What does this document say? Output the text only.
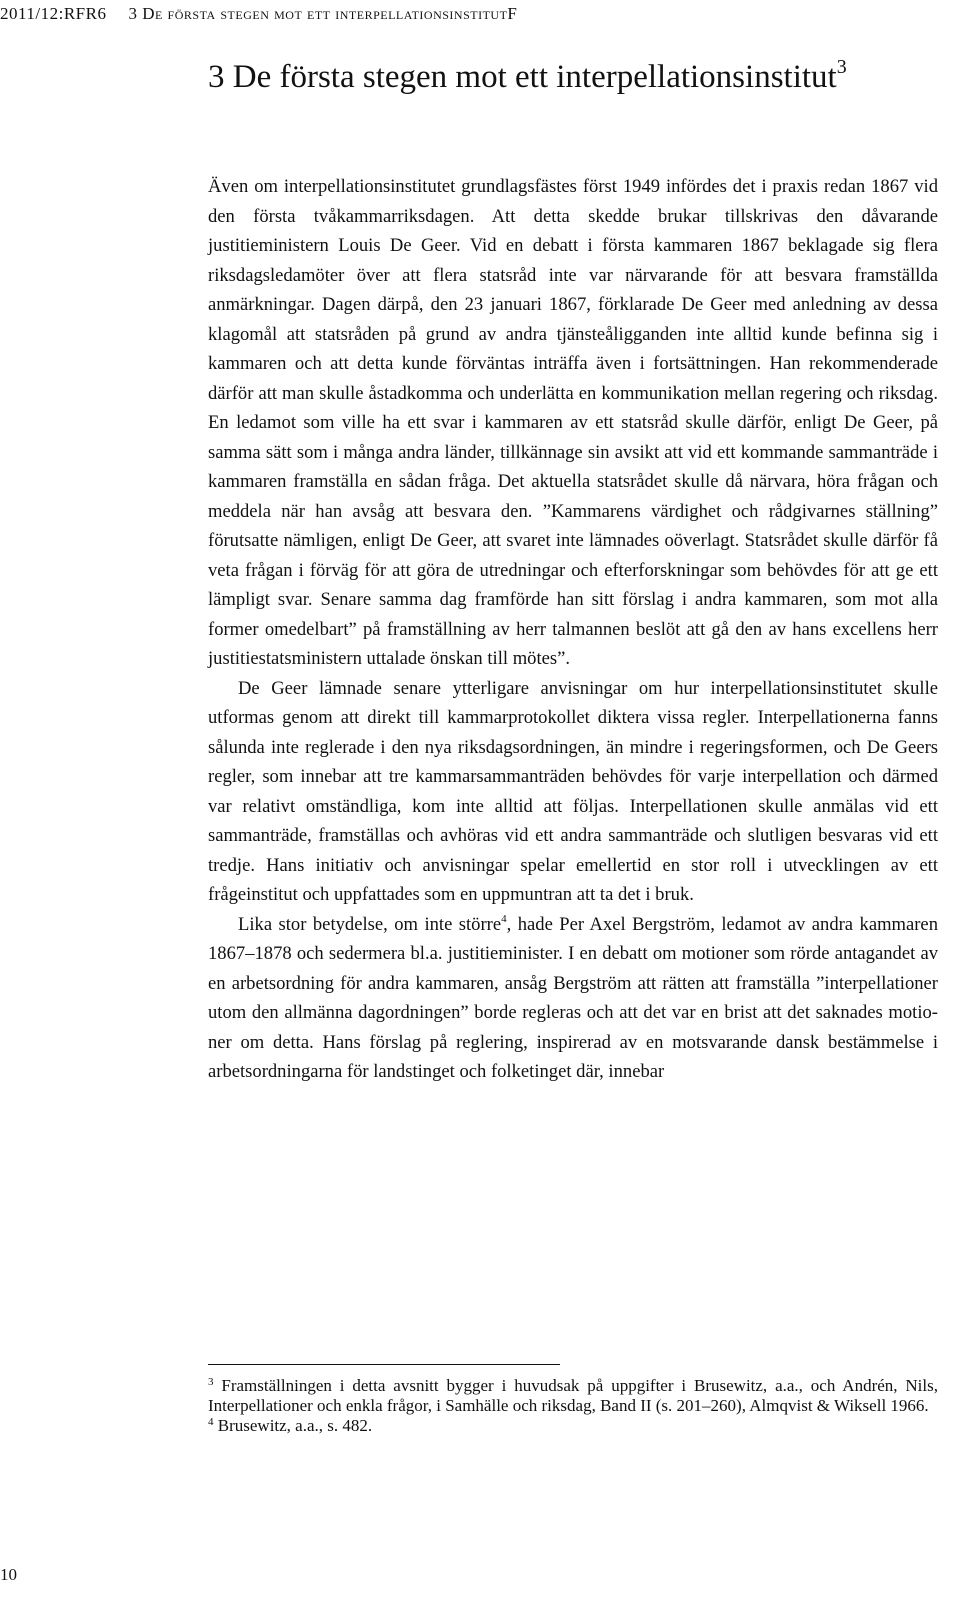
2011/12:RFR6 3 De första stegen mot ett interpellationsinstitutF
3 De första stegen mot ett interpellationsinstitut$^3$

Även om interpellationsinstitutet grundlagsfästes först 1949 infördes det i praxis redan 1867 vid den första tvåkammarriksdagen. Att detta skedde brukar tillskrivas den dåvarande justitieministern Louis De Geer. Vid en debatt i första kammaren 1867 beklagade sig flera riksdagsledamöter över att flera statsråd inte var närvarande för att besvara framställda anmärkningar. Dagen därpå, den 23 januari 1867, förklarade De Geer med anledning av dessa klagomål att statsråden på grund av andra tjänsteåligganden inte alltid kunde befinna sig i kammaren och att detta kunde förväntas inträffa även i fortsättningen. Han rekommenderade därför att man skulle åstadkomma och underlätta en kommunikation mellan regering och riksdag. En ledamot som ville ha ett svar i kammaren av ett statsråd skulle därför, enligt De Geer, på samma sätt som i många andra länder, tillkännage sin avsikt att vid ett kommande sammanträde i kammaren framställa en sådan fråga. Det aktuella statsrådet skulle då närvara, höra frågan och meddela när han avsåg att besvara den. ”Kammarens värdighet och rådgivarnes ställning” förutsatte nämligen, enligt De Geer, att svaret inte lämnades oöverlagt. Statsrådet skulle därför få veta frågan i förväg för att göra de utredningar och efterforskningar som behövdes för att ge ett lämpligt svar. Senare samma dag framförde han sitt förslag i andra kammaren, som mot alla former omedelbart” på framställning av herr talmannen beslöt att gå den av hans excellens herr justitiestatsministern uttalade önskan till mötes”.

De Geer lämnade senare ytterligare anvisningar om hur interpellationsinstitutet skulle utformas genom att direkt till kammarprotokollet diktera vissa regler. Interpellationerna fanns sålunda inte reglerade i den nya riksdagsordningen, än mindre i regeringsformen, och De Geers regler, som innebar att tre kammarsammanträden behövdes för varje interpellation och därmed var relativt omständliga, kom inte alltid att följas. Interpellationen skulle anmälas vid ett sammanträde, framställas och avhöras vid ett andra sammanträde och slutligen besvaras vid ett tredje. Hans initiativ och anvisningar spelar emellertid en stor roll i utvecklingen av ett frågeinstitut och uppfattades som en uppmuntran att ta det i bruk.

Lika stor betydelse, om inte större$^4$, hade Per Axel Bergström, ledamot av andra kammaren 1867–1878 och sedermera bl.a. justitieminister. I en debatt om motioner som rörde antagandet av en arbetsordning för andra kammaren, ansåg Bergström att rätten att framställa ”interpellationer utom den allmänna dagordningen” borde regleras och att det var en brist att det saknades motioner om detta. Hans förslag på reglering, inspirerad av en motsvarande dansk bestämmelse i arbetsordningarna för landstinget och folketinget där, innebar

$^3$ Framställningen i detta avsnitt bygger i huvudsak på uppgifter i Brusewitz, a.a., och Andrén, Nils, Interpellationer och enkla frågor, i Samhälle och riksdag, Band II (s. 201–260), Almqvist & Wiksell 1966.

$^4$ Brusewitz, a.a., s. 482.

10
